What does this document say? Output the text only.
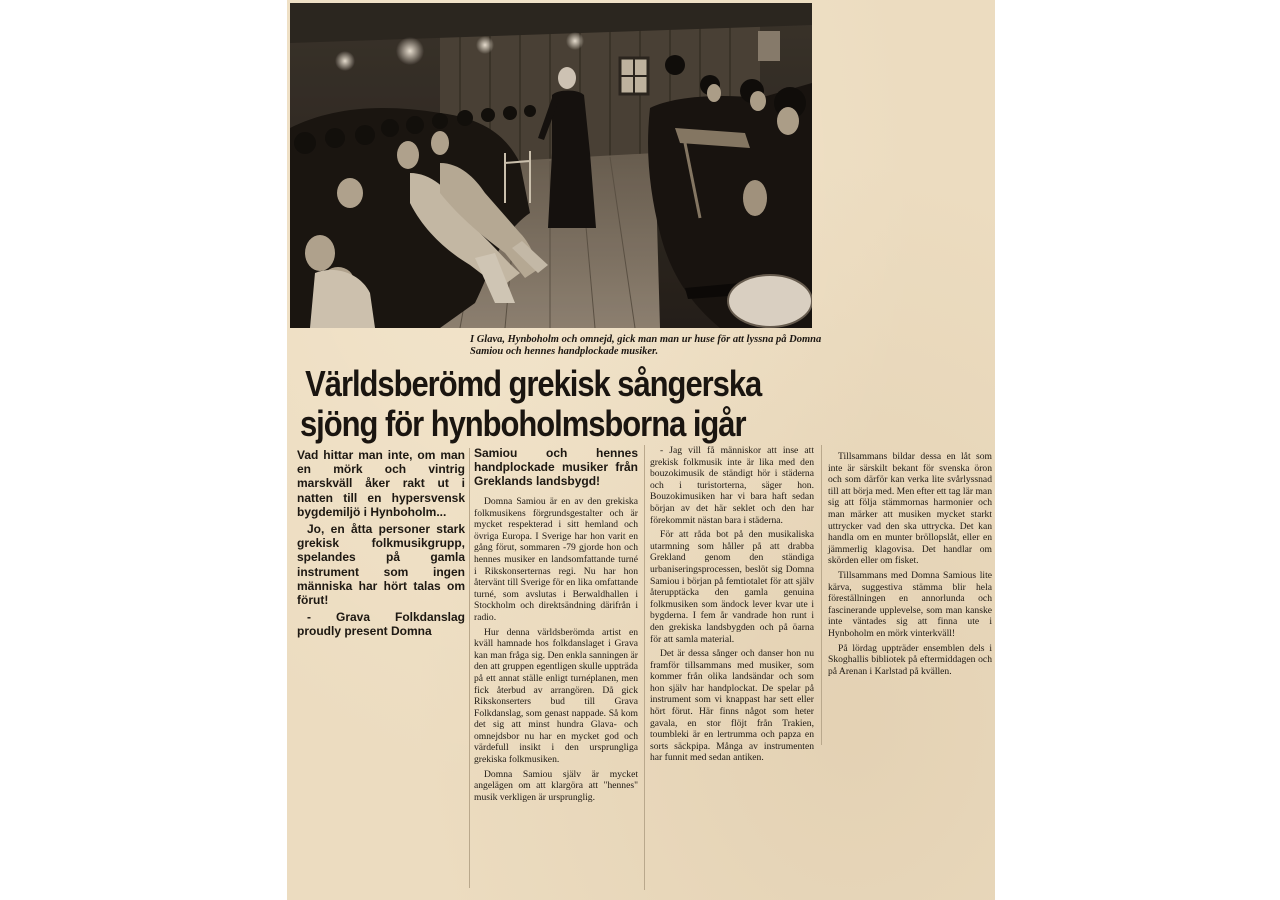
I Glava, Hynboholm och omnejd, gick man man ur huse för att lyssna på Domna Samiou och hennes handplockade musiker.
Världsberömd grekisk sångerska
sjöng för hynboholmsborna igår

Vad hittar man inte, om man en mörk och vintrig marskväll åker rakt ut i natten till en hypersvensk bygdemiljö i Hynboholm...

Jo, en åtta personer stark grekisk folkmusikgrupp, spelandes på gamla instrument som ingen människa har hört talas om förut!

- Grava Folkdanslag proudly present Domna

Samiou och hennes handplockade musiker från Greklands landsbygd!

Domna Samiou är en av den grekiska folkmusikens förgrundsgestalter och är mycket respekterad i sitt hemland och övriga Europa. I Sverige har hon varit en gång förut, sommaren -79 gjorde hon och hennes musiker en landsomfattande turné i Rikskonserternas regi. Nu har hon återvänt till Sverige för en lika omfattande turné, som avslutas i Berwaldhallen i Stockholm och direktsändning därifrån i radio.

Hur denna världsberömda artist en kväll hamnade hos folkdanslaget i Grava kan man fråga sig. Den enkla sanningen är den att gruppen egentligen skulle uppträda på ett annat ställe enligt turnéplanen, men fick återbud av arrangören. Då gick Rikskonserters bud till Grava Folkdanslag, som genast nappade. Så kom det sig att minst hundra Glava- och omnejdsbor nu har en mycket god och värdefull insikt i den ursprungliga grekiska folkmusiken.

Domna Samiou själv är mycket angelägen om att klargöra att "hennes" musik verkligen är ursprunglig.

- Jag vill få människor att inse att grekisk folkmusik inte är lika med den bouzokimusik de ständigt hör i städerna och i turistorterna, säger hon. Bouzokimusiken har vi bara haft sedan början av det här seklet och den har förekommit nästan bara i städerna.

För att råda bot på den musikaliska utarmning som håller på att drabba Grekland genom den ständiga urbaniseringsprocessen, beslöt sig Domna Samiou i början på femtiotalet för att själv återupptäcka den gamla genuina folkmusiken som ändock lever kvar ute i bygderna. I fem år vandrade hon runt i den grekiska landsbygden och på öarna för att samla material.

Det är dessa sånger och danser hon nu framför tillsammans med musiker, som kommer från olika landsändar och som hon själv har handplockat. De spelar på instrument som vi knappast har sett eller hört förut. Här finns något som heter gavala, en stor flöjt från Trakien, toumbleki är en lertrumma och papza en sorts säckpipa. Många av instrumenten har funnit med sedan antiken.

Tillsammans bildar dessa en låt som inte är särskilt bekant för svenska öron och som därför kan verka lite svårlyssnad till att börja med. Men efter ett tag lär man sig att följa stämmornas harmonier och man märker att musiken mycket starkt uttrycker vad den ska uttrycka. Det kan handla om en munter bröllopslåt, eller en jämmerlig klagovisa. Det handlar om skörden eller om fisket.

Tillsammans med Domna Samious lite kärva, suggestiva stämma blir hela föreställningen en annorlunda och fascinerande upplevelse, som man kanske inte väntades sig att finna ute i Hynboholm en mörk vinterkväll!

På lördag uppträder ensemblen dels i Skoghallis bibliotek på eftermiddagen och på Arenan i Karlstad på kvällen.
